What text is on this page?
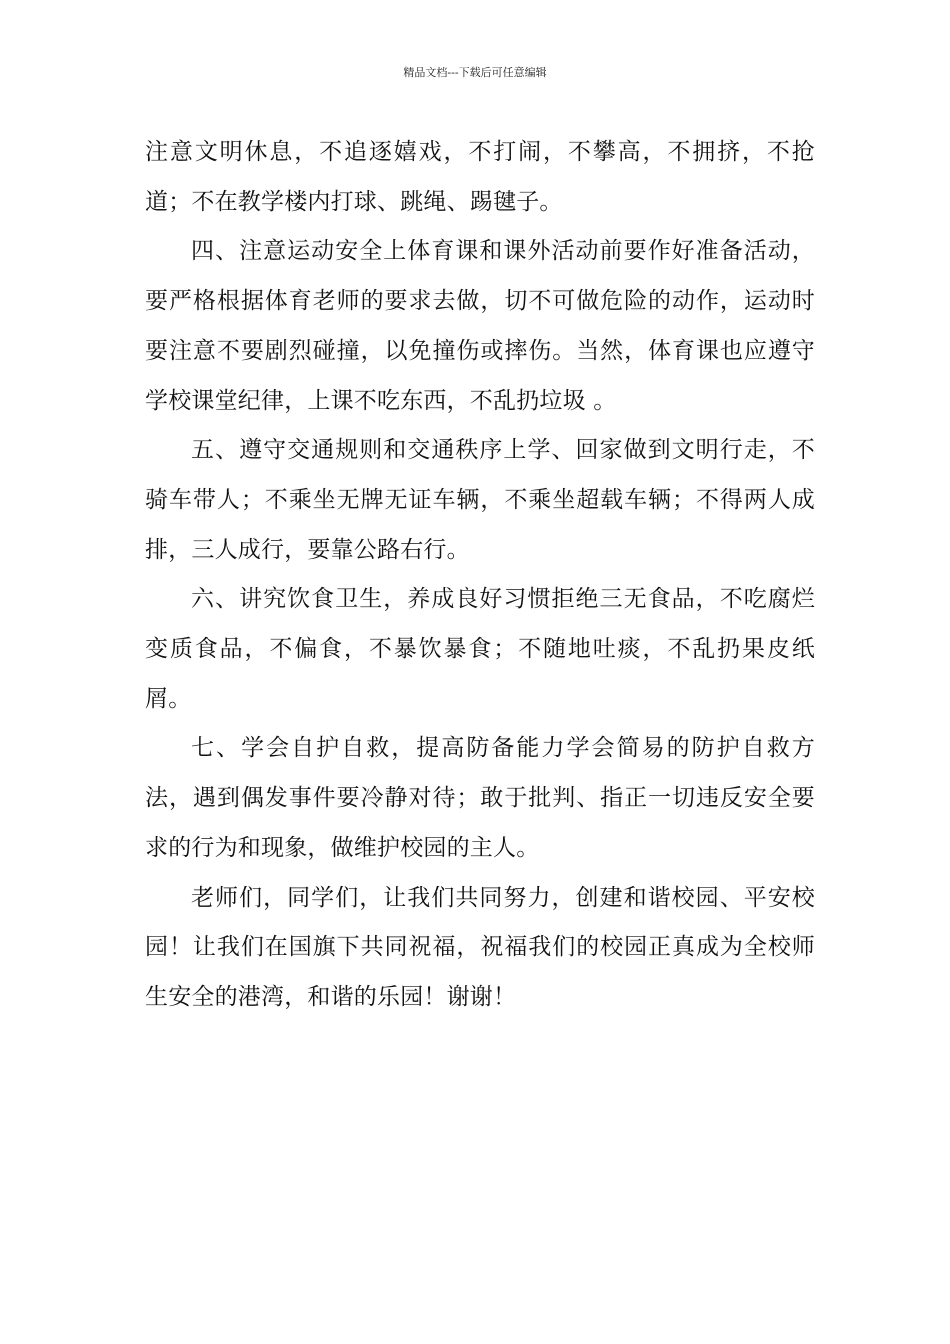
精品文档---下载后可任意编辑

注意文明休息，不追逐嬉戏，不打闹，不攀高，不拥挤，不抢道；不在教学楼内打球、跳绳、踢毽子。

四、注意运动安全上体育课和课外活动前要作好准备活动，要严格根据体育老师的要求去做，切不可做危险的动作，运动时要注意不要剧烈碰撞，以免撞伤或摔伤。当然，体育课也应遵守学校课堂纪律，上课不吃东西，不乱扔垃圾 。

五、遵守交通规则和交通秩序上学、回家做到文明行走，不骑车带人；不乘坐无牌无证车辆，不乘坐超载车辆；不得两人成排，三人成行，要靠公路右行。

六、讲究饮食卫生，养成良好习惯拒绝三无食品，不吃腐烂变质食品，不偏食，不暴饮暴食；不随地吐痰，不乱扔果皮纸屑。

七、学会自护自救，提高防备能力学会简易的防护自救方法，遇到偶发事件要冷静对待；敢于批判、指正一切违反安全要求的行为和现象，做维护校园的主人。

老师们，同学们，让我们共同努力，创建和谐校园、平安校园！让我们在国旗下共同祝福，祝福我们的校园正真成为全校师生安全的港湾，和谐的乐园！谢谢！
